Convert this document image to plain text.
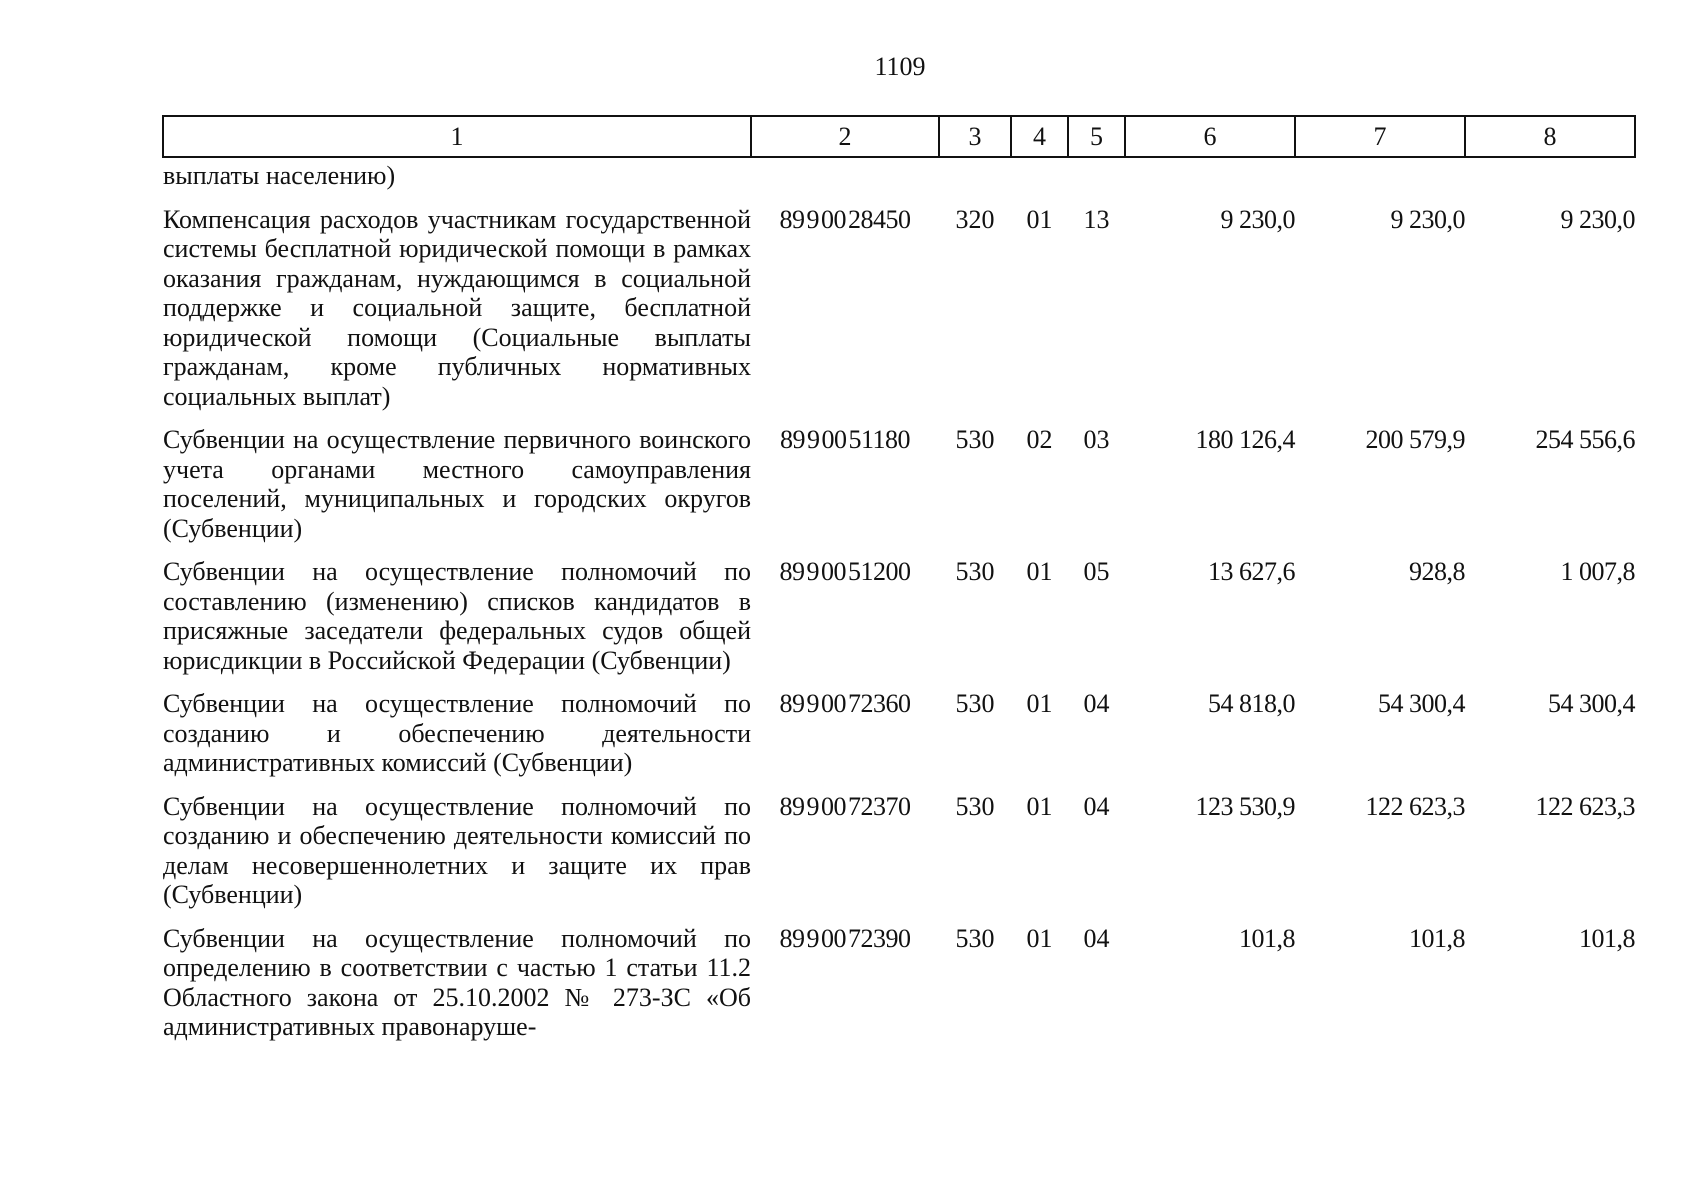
1109
1	2	3	4	5	6	7	8
выплаты населению)							
Компенсация расходов участникам государственной системы бесплатной юридической помощи в рамках оказания гражданам, нуждающимся в социальной поддержке и социальной защите, бесплатной юридической помощи (Социальные выплаты гражданам, кроме публичных нормативных социальных выплат)	89 9 00 28450	320	01	13	9 230,0	9 230,0	9 230,0
Субвенции на осуществление первичного воинского учета органами местного самоуправления поселений, муниципальных и городских округов (Субвенции)	89 9 00 51180	530	02	03	180 126,4	200 579,9	254 556,6
Субвенции на осуществление полномочий по составлению (изменению) списков кандидатов в присяжные заседатели федеральных судов общей юрисдикции в Российской Федерации (Субвенции)	89 9 00 51200	530	01	05	13 627,6	928,8	1 007,8
Субвенции на осуществление полномочий по созданию и обеспечению деятельности административных комиссий (Субвенции)	89 9 00 72360	530	01	04	54 818,0	54 300,4	54 300,4
Субвенции на осуществление полномочий по созданию и обеспечению деятельности комиссий по делам несовершеннолетних и защите их прав (Субвенции)	89 9 00 72370	530	01	04	123 530,9	122 623,3	122 623,3
Субвенции на осуществление полномочий по определению в соответствии с частью 1 статьи 11.2 Областного закона от 25.10.2002 № 273-ЗС «Об административных правонаруше-	89 9 00 72390	530	01	04	101,8	101,8	101,8
